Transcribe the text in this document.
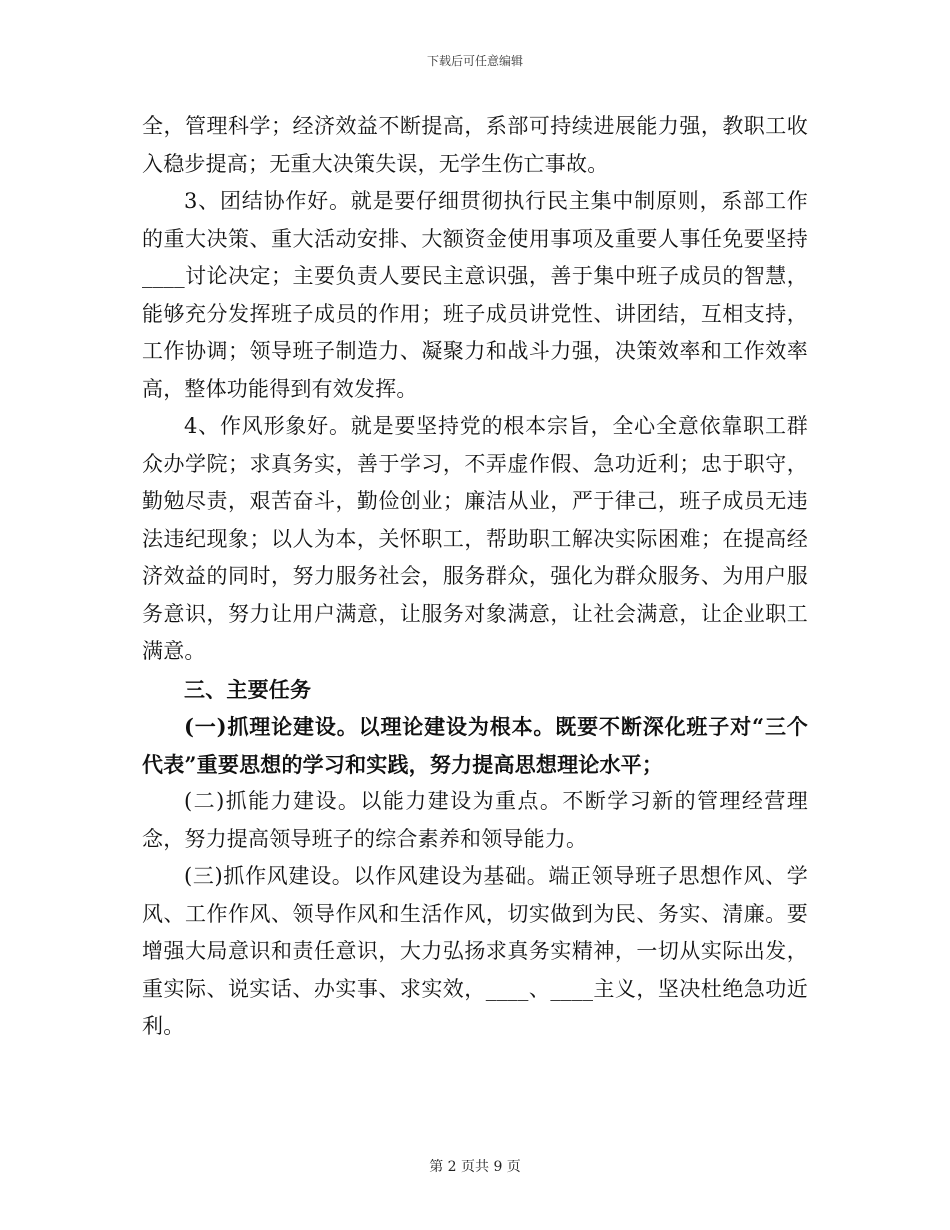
下载后可任意编辑

全，管理科学；经济效益不断提高，系部可持续进展能力强，教职工收入稳步提高；无重大决策失误，无学生伤亡事故。

3、团结协作好。就是要仔细贯彻执行民主集中制原则，系部工作的重大决策、重大活动安排、大额资金使用事项及重要人事任免要坚持____讨论决定；主要负责人要民主意识强，善于集中班子成员的智慧，能够充分发挥班子成员的作用；班子成员讲党性、讲团结，互相支持，工作协调；领导班子制造力、凝聚力和战斗力强，决策效率和工作效率高，整体功能得到有效发挥。

4、作风形象好。就是要坚持党的根本宗旨，全心全意依靠职工群众办学院；求真务实，善于学习，不弄虚作假、急功近利；忠于职守，勤勉尽责，艰苦奋斗，勤俭创业；廉洁从业，严于律己，班子成员无违法违纪现象；以人为本，关怀职工，帮助职工解决实际困难；在提高经济效益的同时，努力服务社会，服务群众，强化为群众服务、为用户服务意识，努力让用户满意，让服务对象满意，让社会满意，让企业职工满意。

三、主要任务

(一)抓理论建设。以理论建设为根本。既要不断深化班子对“三个代表”重要思想的学习和实践，努力提高思想理论水平；

(二)抓能力建设。以能力建设为重点。不断学习新的管理经营理念，努力提高领导班子的综合素养和领导能力。

(三)抓作风建设。以作风建设为基础。端正领导班子思想作风、学风、工作作风、领导作风和生活作风，切实做到为民、务实、清廉。要增强大局意识和责任意识，大力弘扬求真务实精神，一切从实际出发，重实际、说实话、办实事、求实效，____、____主义，坚决杜绝急功近利。

第 2 页共 9 页
